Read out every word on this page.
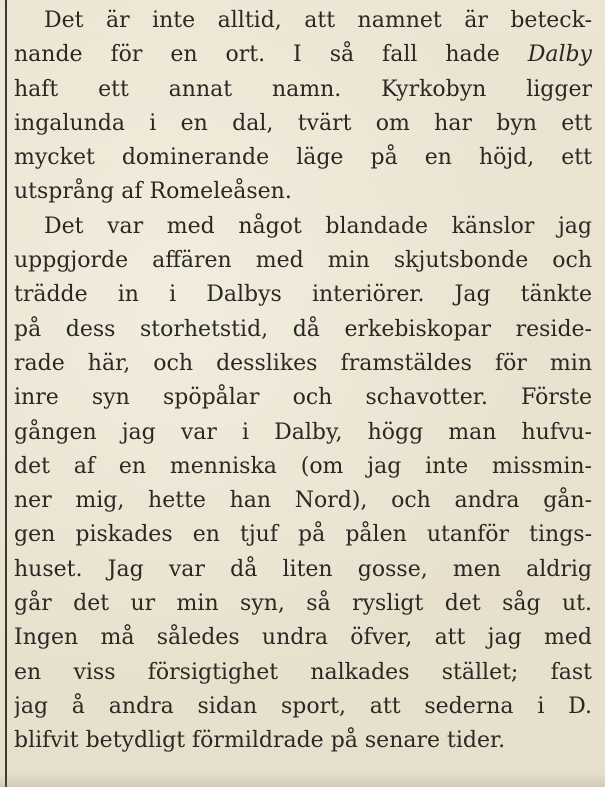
Det är inte alltid, att namnet är beteck-
nande för en ort. I så fall hade Dalby
haft ett annat namn. Kyrkobyn ligger
ingalunda i en dal, tvärt om har byn ett
mycket dominerande läge på en höjd, ett
utsprång af Romeleåsen.

Det var med något blandade känslor jag
uppgjorde affären med min skjutsbonde och
trädde in i Dalbys interiörer. Jag tänkte
på dess storhetstid, då erkebiskopar reside-
rade här, och desslikes framstäldes för min
inre syn spöpålar och schavotter. Förste
gången jag var i Dalby, högg man hufvu-
det af en menniska (om jag inte missmin-
ner mig, hette han Nord), och andra gån-
gen piskades en tjuf på pålen utanför tings-
huset. Jag var då liten gosse, men aldrig
går det ur min syn, så rysligt det såg ut.
Ingen må således undra öfver, att jag med
en viss försigtighet nalkades stället; fast
jag å andra sidan sport, att sederna i D.
blifvit betydligt förmildrade på senare tider.
